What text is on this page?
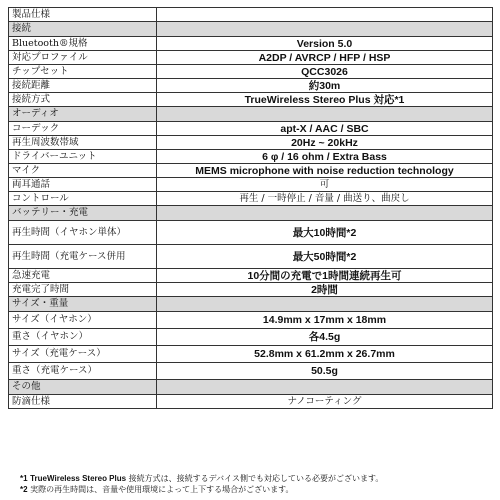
製品仕様	
接続	
Bluetooth®規格	Version 5.0
対応プロファイル	A2DP / AVRCP / HFP / HSP
チップセット	QCC3026
接続距離	約30m
接続方式	TrueWireless Stereo Plus 対応*1
オーディオ	
コーデック	apt-X / AAC / SBC
再生周波数帯域	20Hz ~ 20kHz
ドライバーユニット	6 φ / 16 ohm / Extra Bass
マイク	MEMS microphone with noise reduction technology
両耳通話	可
コントロール	再生 / 一時停止 / 音量 / 曲送り、曲戻し
バッテリー・充電	
再生時間（イヤホン単体）	最大10時間*2
再生時間（充電ケース併用	最大50時間*2
急速充電	10分間の充電で1時間連続再生可
充電完了時間	2時間
サイズ・重量	
サイズ（イヤホン）	14.9mm x 17mm x 18mm
重さ（イヤホン）	各4.5g
サイズ（充電ケース）	52.8mm x 61.2mm x 26.7mm
重さ（充電ケース）	50.5g
その他	
防滴仕様	ナノコーティング
*1 TrueWireless Stereo Plus 接続方式は、接続するデバイス側でも対応している必要がございます。
*2 実際の再生時間は、音量や使用環境によって上下する場合がございます。
